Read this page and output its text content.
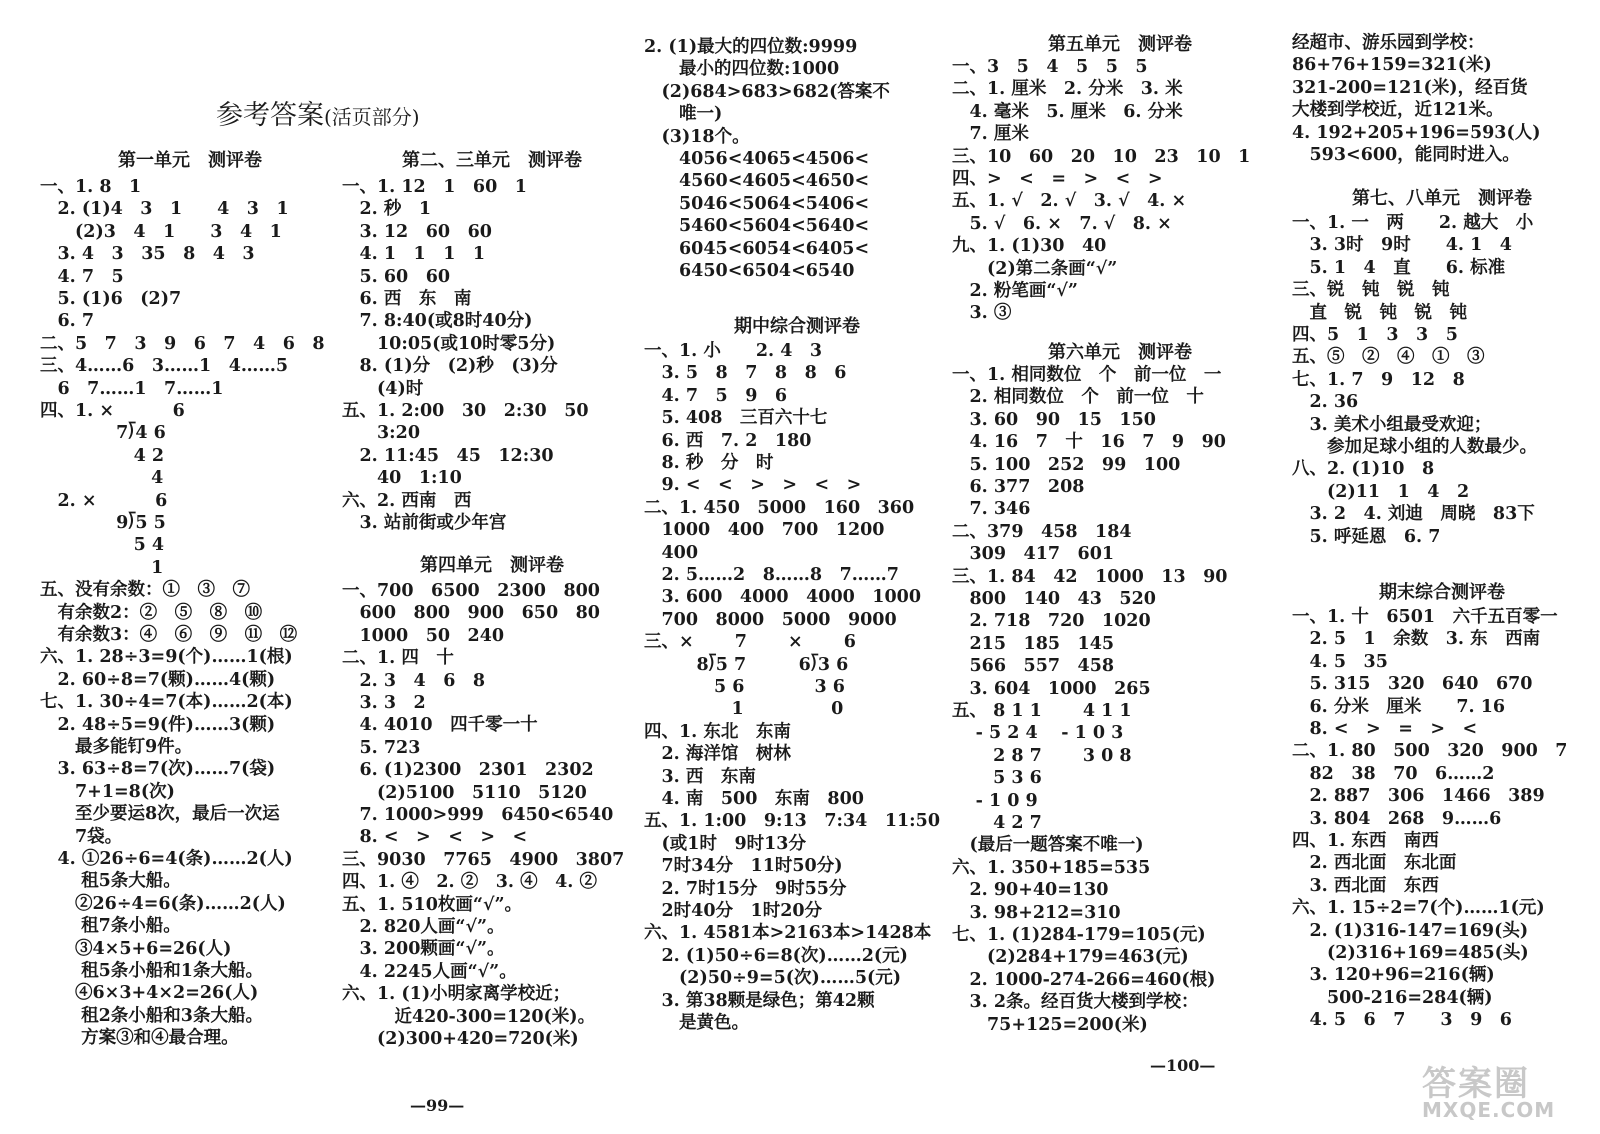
参考答案(活页部分)
第一单元　测评卷
一、1. 8　1
　2. (1)4　3　1　　4　3　1
　　(2)3　4　1　　3　4　1
　3. 4　3　35　8　4　3
　4. 7　5
　5. (1)6　(2)7
　6. 7
二、5　7　3　9　6　7　4　6　8
三、4……6　3……1　4……5
　6　7……1　7……1
四、1. ×　　　 6
　　　　 7⟌4 6
　　　　　 4 2
　　　　　　 4
　2. ×　　　 6
　　　　 9⟌5 5
　　　　　 5 4
　　　　　　 1
五、没有余数：①　③　⑦
　有余数2：②　⑤　⑧　⑩
　有余数3：④　⑥　⑨　⑪　⑫
六、1. 28÷3=9(个)……1(根)
　2. 60÷8=7(颗)……4(颗)
七、1. 30÷4=7(本)……2(本)
　2. 48÷5=9(件)……3(颗)
　　最多能钉9件。
　3. 63÷8=7(次)……7(袋)
　　7+1=8(次)
　　至少要运8次，最后一次运
　　7袋。
　4. ①26÷6=4(条)……2(人)
　　 租5条大船。
　　②26÷4=6(条)……2(人)
　　 租7条小船。
　　③4×5+6=26(人)
　　 租5条小船和1条大船。
　　④6×3+4×2=26(人)
　　 租2条小船和3条大船。
　　 方案③和④最合理。
第二、三单元　测评卷
一、1. 12　1　60　1
　2. 秒　1
　3. 12　60　60
　4. 1　1　1　1
　5. 60　60
　6. 西　东　南
　7. 8:40(或8时40分)
　　10:05(或10时零5分)
　8. (1)分　(2)秒　(3)分
　　(4)时
五、1. 2:00　30　2:30　50
　　3:20
　2. 11:45　45　12:30
　　40　1:10
六、2. 西南　西
　3. 站前街或少年宫
第四单元　测评卷
一、700　6500　2300　800
　600　800　900　650　80
　1000　50　240
二、1. 四　十
　2. 3　4　6　8
　3. 3　2
　4. 4010　四千零一十
　5. 723
　6. (1)2300　2301　2302
　　(2)5100　5110　5120
　7. 1000>999　6450<6540
　8. <　>　<　>　<
三、9030　7765　4900　3807
四、1. ④　2. ②　3. ④　4. ②
五、1. 510枚画“√”。
　2. 820人画“√”。
　3. 200颗画“√”。
　4. 2245人画“√”。
六、1. (1)小明家离学校近；
　　　近420-300=120(米)。
　　(2)300+420=720(米)
2. (1)最大的四位数:9999
　　最小的四位数:1000
　(2)684>683>682(答案不
　　唯一)
　(3)18个。
　　4056<4065<4506<
　　4560<4605<4650<
　　5046<5064<5406<
　　5460<5604<5640<
　　6045<6054<6405<
　　6450<6504<6540
期中综合测评卷
一、1. 小　　2. 4　3
　3. 5　8　7　8　8　6
　4. 7　5　9　6
　5. 408　三百六十七
　6. 西　7. 2　180
　8. 秒　分　时
　9. <　<　>　>　<　>
二、1. 450　5000　160　360
　1000　400　700　1200
　400
　2. 5……2　8……8　7……7
　3. 600　4000　4000　1000
　700　8000　5000　9000
三、×　　 7　　 ×　　 6
　　　8⟌5 7　　　6⟌3 6
　　　　5 6　　　　3 6
　　　　　1　　　　　0
四、1. 东北　东南
　2. 海洋馆　树林
　3. 西　东南
　4. 南　500　东南　800
五、1. 1:00　9:13　7:34　11:50
　(或1时　9时13分
　7时34分　11时50分)
　2. 7时15分　9时55分
　2时40分　1时20分
六、1. 4581本>2163本>1428本
　2. (1)50÷6=8(次)……2(元)
　　(2)50÷9=5(次)……5(元)
　3. 第38颗是绿色；第42颗
　　是黄色。
第五单元　测评卷
一、3　5　4　5　5　5
二、1. 厘米　2. 分米　3. 米
　4. 毫米　5. 厘米　6. 分米
　7. 厘米
三、10　60　20　10　23　10　1
四、>　<　=　>　<　>
五、1. √　2. √　3. √　4. ×
　5. √　6. ×　7. √　8. ×
九、1. (1)30　40
　　(2)第二条画“√”
　2. 粉笔画“√”
　3. ③
第六单元　测评卷
一、1. 相同数位　个　前一位　一
　2. 相同数位　个　前一位　十
　3. 60　90　15　150
　4. 16　7　十　16　7　9　90
　5. 100　252　99　100
　6. 377　208
　7. 346
二、379　458　184
　309　417　601
三、1. 84　42　1000　13　90
　800　140　43　520
　2. 718　720　1020
　215　185　145
　566　557　458
　3. 604　1000　265
五、 8 1 1　　 4 1 1
　 - 5 2 4　 - 1 0 3
　　 2 8 7　　 3 0 8
　　 5 3 6
　 - 1 0 9
　　 4 2 7
　(最后一题答案不唯一)
六、1. 350+185=535
　2. 90+40=130
　3. 98+212=310
七、1. (1)284-179=105(元)
　　(2)284+179=463(元)
　2. 1000-274-266=460(根)
　3. 2条。经百货大楼到学校：
　　75+125=200(米)
经超市、游乐园到学校：
86+76+159=321(米)
321-200=121(米)，经百货
大楼到学校近，近121米。
4. 192+205+196=593(人)
　593<600，能同时进入。
第七、八单元　测评卷
一、1. 一　两　　2. 越大　小
　3. 3时　9时　　4. 1　4
　5. 1　4　直　　6. 标准
三、锐　钝　锐　钝
　直　锐　钝　锐　钝
四、5　1　3　3　5
五、⑤　②　④　①　③
七、1. 7　9　12　8
　2. 36
　3. 美术小组最受欢迎；
　　参加足球小组的人数最少。
八、2. (1)10　8
　　(2)11　1　4　2
　3. 2　4. 刘迪　周晓　83下
　5. 呼延恩　6. 7
期末综合测评卷
一、1. 十　6501　六千五百零一
　2. 5　1　余数　3. 东　西南
　4. 5　35
　5. 315　320　640　670
　6. 分米　厘米　　7. 16
　8. <　>　=　>　<
二、1. 80　500　320　900　7
　82　38　70　6……2
　2. 887　306　1466　389
　3. 804　268　9……6
四、1. 东西　南西
　2. 西北面　东北面
　3. 西北面　东西
六、1. 15÷2=7(个)……1(元)
　2. (1)316-147=169(头)
　　(2)316+169=485(头)
　3. 120+96=216(辆)
　　500-216=284(辆)
　4. 5　6　7　　3　9　6
—99—
—100—	答案圈
MXQE.COM
